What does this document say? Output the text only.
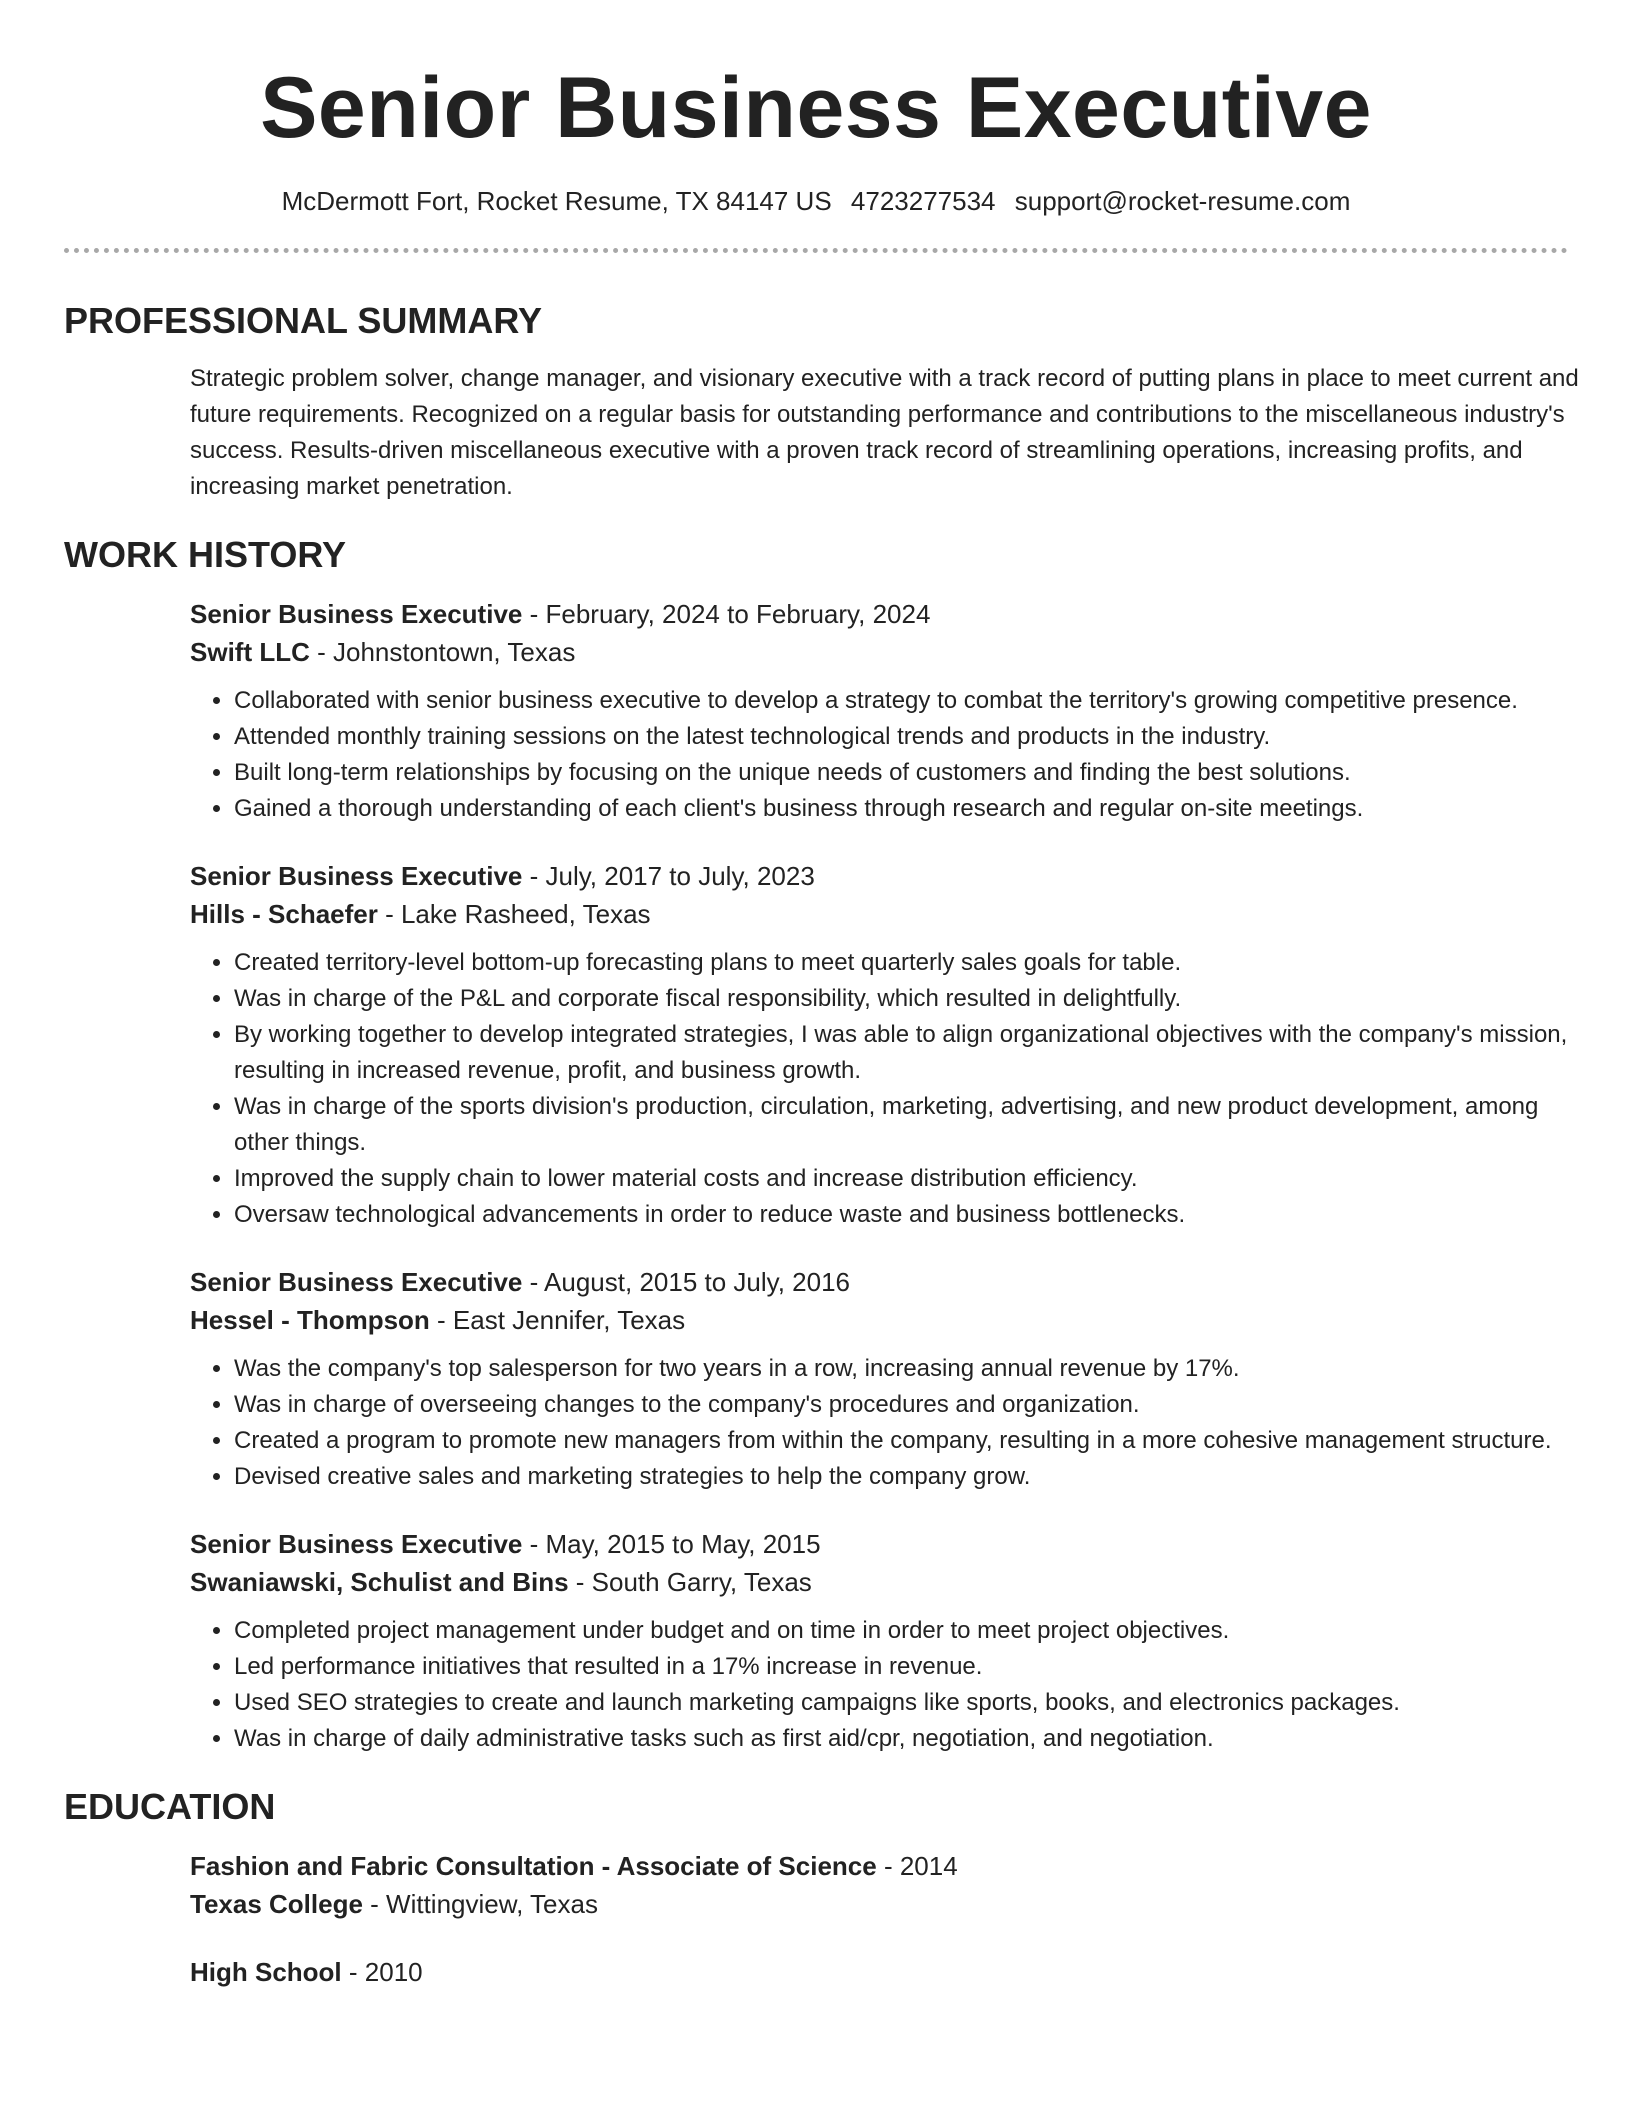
Senior Business Executive
McDermott Fort, Rocket Resume, TX 84147 US 4723277534 support@rocket-resume.com
PROFESSIONAL SUMMARY

Strategic problem solver, change manager, and visionary executive with a track record of putting plans in place to meet current and future requirements. Recognized on a regular basis for outstanding performance and contributions to the miscellaneous industry's success. Results-driven miscellaneous executive with a proven track record of streamlining operations, increasing profits, and increasing market penetration.

WORK HISTORY
Senior Business Executive - February, 2024 to February, 2024
Swift LLC - Johnstontown, Texas
• Collaborated with senior business executive to develop a strategy to combat the territory's growing competitive presence.
• Attended monthly training sessions on the latest technological trends and products in the industry.
• Built long-term relationships by focusing on the unique needs of customers and finding the best solutions.
• Gained a thorough understanding of each client's business through research and regular on-site meetings.
Senior Business Executive - July, 2017 to July, 2023
Hills - Schaefer - Lake Rasheed, Texas
• Created territory-level bottom-up forecasting plans to meet quarterly sales goals for table.
• Was in charge of the P&L and corporate fiscal responsibility, which resulted in delightfully.
• By working together to develop integrated strategies, I was able to align organizational objectives with the company's mission, resulting in increased revenue, profit, and business growth.
• Was in charge of the sports division's production, circulation, marketing, advertising, and new product development, among other things.
• Improved the supply chain to lower material costs and increase distribution efficiency.
• Oversaw technological advancements in order to reduce waste and business bottlenecks.
Senior Business Executive - August, 2015 to July, 2016
Hessel - Thompson - East Jennifer, Texas
• Was the company's top salesperson for two years in a row, increasing annual revenue by 17%.
• Was in charge of overseeing changes to the company's procedures and organization.
• Created a program to promote new managers from within the company, resulting in a more cohesive management structure.
• Devised creative sales and marketing strategies to help the company grow.
Senior Business Executive - May, 2015 to May, 2015
Swaniawski, Schulist and Bins - South Garry, Texas
• Completed project management under budget and on time in order to meet project objectives.
• Led performance initiatives that resulted in a 17% increase in revenue.
• Used SEO strategies to create and launch marketing campaigns like sports, books, and electronics packages.
• Was in charge of daily administrative tasks such as first aid/cpr, negotiation, and negotiation.
EDUCATION
Fashion and Fabric Consultation - Associate of Science - 2014
Texas College - Wittingview, Texas
High School - 2010
